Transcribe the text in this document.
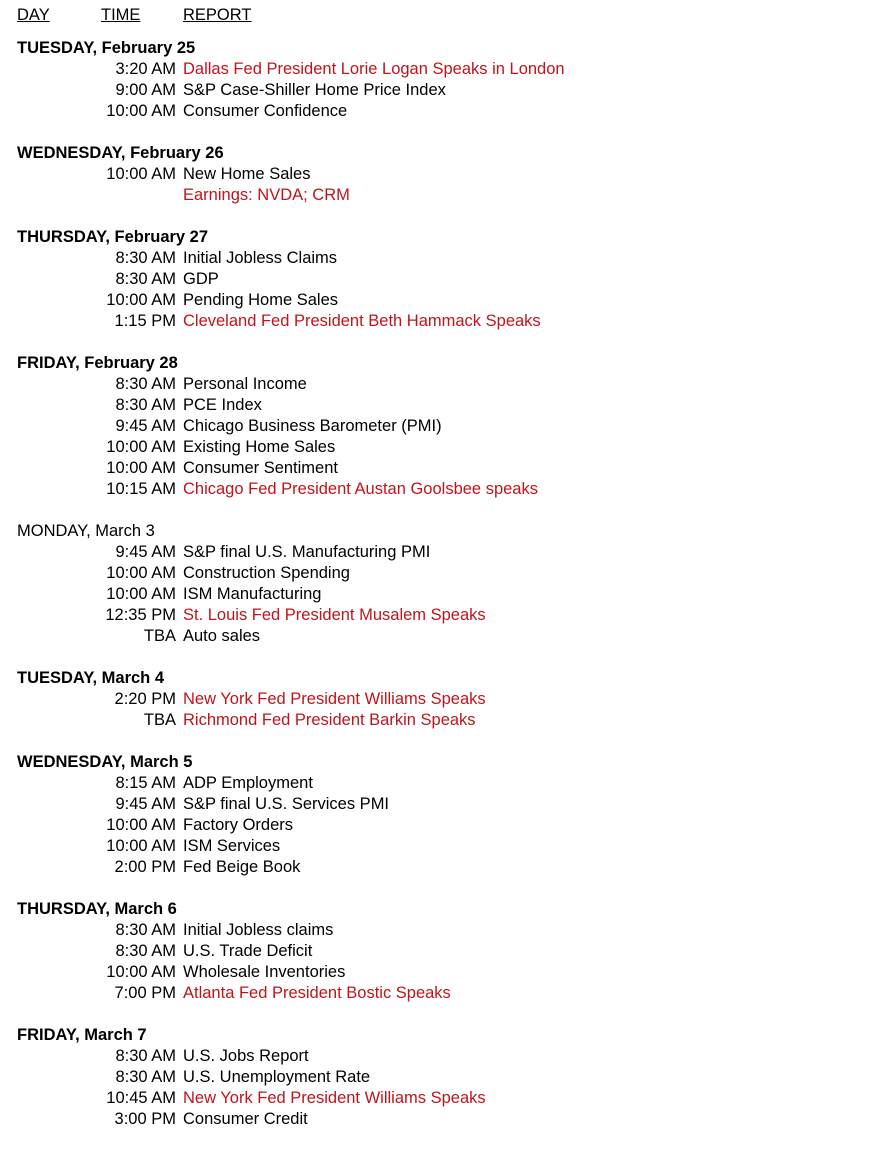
DAY	TIME	REPORT
TUESDAY, February 25
3:20 AM Dallas Fed President Lorie Logan Speaks in London
9:00 AM S&P Case-Shiller Home Price Index
10:00 AM Consumer Confidence
WEDNESDAY, February 26
10:00 AM New Home Sales
Earnings: NVDA; CRM
THURSDAY, February 27
8:30 AM Initial Jobless Claims
8:30 AM GDP
10:00 AM Pending Home Sales
1:15 PM Cleveland Fed President Beth Hammack Speaks
FRIDAY, February 28
8:30 AM Personal Income
8:30 AM PCE Index
9:45 AM Chicago Business Barometer (PMI)
10:00 AM Existing Home Sales
10:00 AM Consumer Sentiment
10:15 AM Chicago Fed President Austan Goolsbee speaks
MONDAY, March 3
9:45 AM S&P final U.S. Manufacturing PMI
10:00 AM Construction Spending
10:00 AM ISM Manufacturing
12:35 PM St. Louis Fed President Musalem Speaks
TBA Auto sales
TUESDAY, March 4
2:20 PM New York Fed President Williams Speaks
TBA Richmond Fed President Barkin Speaks
WEDNESDAY, March 5
8:15 AM ADP Employment
9:45 AM S&P final U.S. Services PMI
10:00 AM Factory Orders
10:00 AM ISM Services
2:00 PM Fed Beige Book
THURSDAY, March 6
8:30 AM Initial Jobless claims
8:30 AM U.S. Trade Deficit
10:00 AM Wholesale Inventories
7:00 PM Atlanta Fed President Bostic Speaks
FRIDAY, March 7
8:30 AM U.S. Jobs Report
8:30 AM U.S. Unemployment Rate
10:45 AM New York Fed President Williams Speaks
3:00 PM Consumer Credit
